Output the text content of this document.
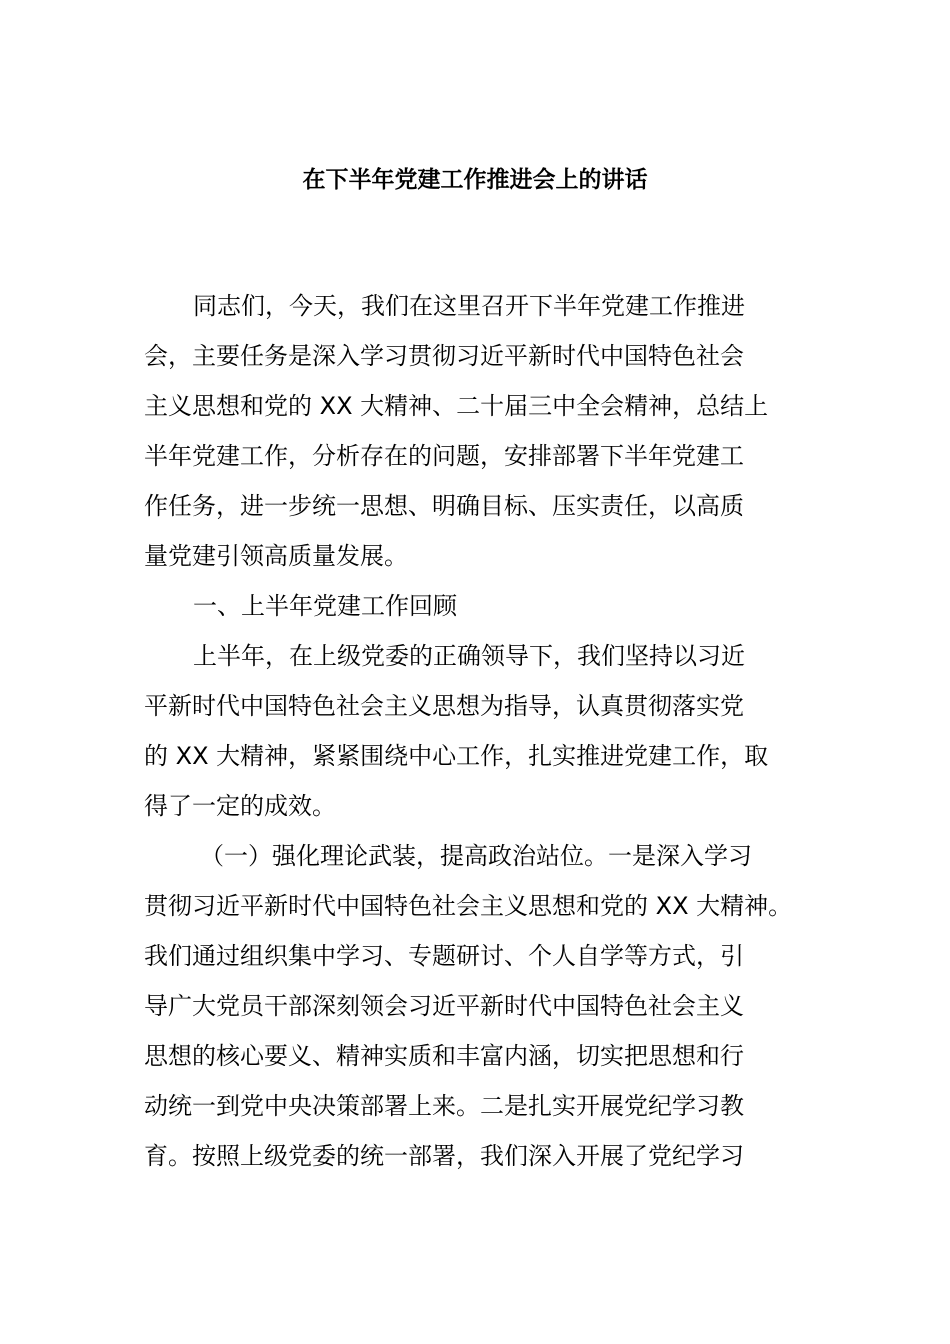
在下半年党建工作推进会上的讲话
同志们，今天，我们在这里召开下半年党建工作推进
会，主要任务是深入学习贯彻习近平新时代中国特色社会
主义思想和党的 XX 大精神、二十届三中全会精神，总结上
半年党建工作，分析存在的问题，安排部署下半年党建工
作任务，进一步统一思想、明确目标、压实责任，以高质
量党建引领高质量发展。
一、上半年党建工作回顾
上半年，在上级党委的正确领导下，我们坚持以习近
平新时代中国特色社会主义思想为指导，认真贯彻落实党
的 XX 大精神，紧紧围绕中心工作，扎实推进党建工作，取
得了一定的成效。
（一）强化理论武装，提高政治站位。一是深入学习
贯彻习近平新时代中国特色社会主义思想和党的 XX 大精神。
我们通过组织集中学习、专题研讨、个人自学等方式，引
导广大党员干部深刻领会习近平新时代中国特色社会主义
思想的核心要义、精神实质和丰富内涵，切实把思想和行
动统一到党中央决策部署上来。二是扎实开展党纪学习教
育。按照上级党委的统一部署，我们深入开展了党纪学习
